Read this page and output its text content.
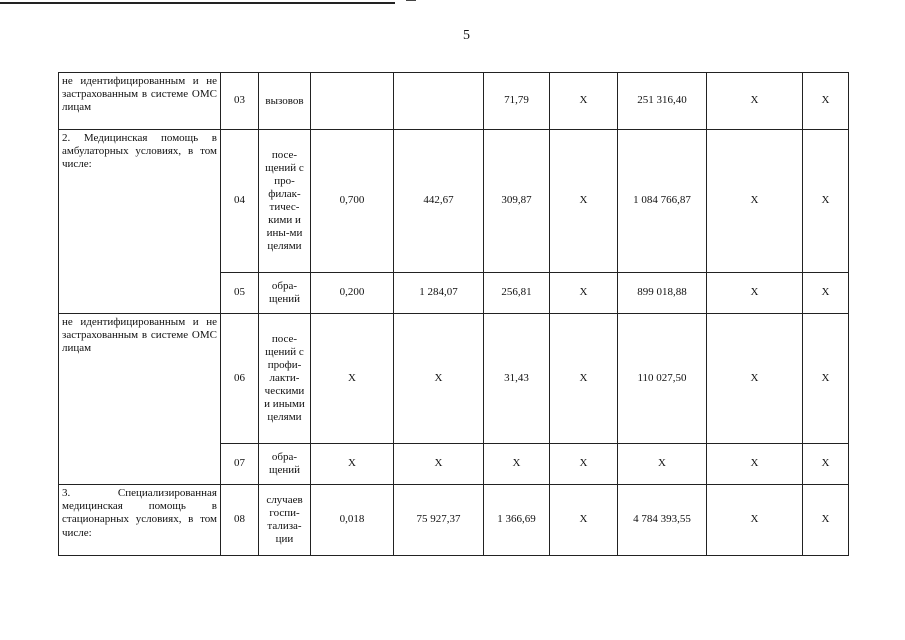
5
не идентифицированным и не застрахованным в системе ОМС лицам	03	вызовов			71,79	Х	251 316,40	Х	Х
2. Медицинская помощь в амбулаторных условиях, в том числе:	04	посе-щений с про-филак-тичес-кими и ины-ми целями	0,700	442,67	309,87	Х	1 084 766,87	Х	Х
	05	обра-щений	0,200	1 284,07	256,81	Х	899 018,88	Х	Х
не идентифицированным и не застрахованным в системе ОМС лицам	06	посе-щений с профи-лакти-ческими и иными целями	Х	Х	31,43	Х	110 027,50	Х	Х
	07	обра-щений	Х	Х	Х	Х	Х	Х	Х
3. Специализированная медицинская помощь в стационарных условиях, в том числе:	08	случаев госпи-тализа-ции	0,018	75 927,37	1 366,69	Х	4 784 393,55	Х	Х
